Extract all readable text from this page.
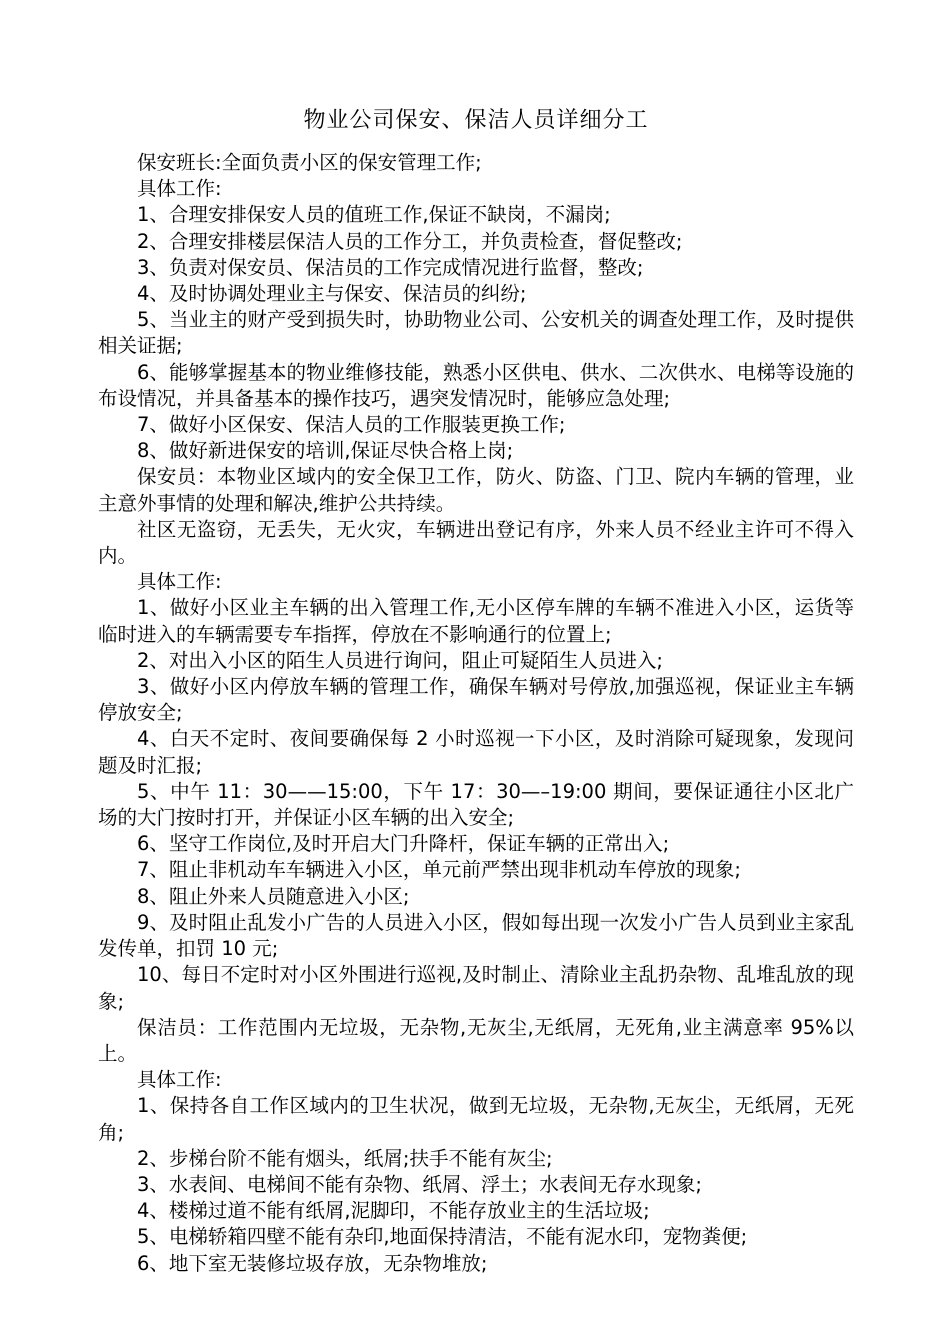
物业公司保安、保洁人员详细分工

保安班长:全面负责小区的保安管理工作;

具体工作:

1、合理安排保安人员的值班工作,保证不缺岗，不漏岗;

2、合理安排楼层保洁人员的工作分工，并负责检查，督促整改;

3、负责对保安员、保洁员的工作完成情况进行监督，整改;

4、及时协调处理业主与保安、保洁员的纠纷;

5、当业主的财产受到损失时，协助物业公司、公安机关的调查处理工作，及时提供相关证据;

6、能够掌握基本的物业维修技能，熟悉小区供电、供水、二次供水、电梯等设施的布设情况，并具备基本的操作技巧，遇突发情况时，能够应急处理;

7、做好小区保安、保洁人员的工作服装更换工作;

8、做好新进保安的培训,保证尽快合格上岗;

保安员：本物业区域内的安全保卫工作，防火、防盗、门卫、院内车辆的管理，业主意外事情的处理和解决,维护公共持续。

社区无盗窃，无丢失，无火灾，车辆进出登记有序，外来人员不经业主许可不得入内。

具体工作:

1、做好小区业主车辆的出入管理工作,无小区停车牌的车辆不准进入小区，运货等临时进入的车辆需要专车指挥，停放在不影响通行的位置上;

2、对出入小区的陌生人员进行询问，阻止可疑陌生人员进入;

3、做好小区内停放车辆的管理工作，确保车辆对号停放,加强巡视，保证业主车辆停放安全;

4、白天不定时、夜间要确保每 2 小时巡视一下小区，及时消除可疑现象，发现问题及时汇报;

5、中午 11：30——15:00，下午 17：30—–19:00 期间，要保证通往小区北广场的大门按时打开，并保证小区车辆的出入安全;

6、坚守工作岗位,及时开启大门升降杆，保证车辆的正常出入;

7、阻止非机动车车辆进入小区，单元前严禁出现非机动车停放的现象;

8、阻止外来人员随意进入小区;

9、及时阻止乱发小广告的人员进入小区，假如每出现一次发小广告人员到业主家乱发传单，扣罚 10 元;

10、每日不定时对小区外围进行巡视,及时制止、清除业主乱扔杂物、乱堆乱放的现象;

保洁员：工作范围内无垃圾，无杂物,无灰尘,无纸屑，无死角,业主满意率 95%以上。

具体工作:

1、保持各自工作区域内的卫生状况，做到无垃圾，无杂物,无灰尘，无纸屑，无死角;

2、步梯台阶不能有烟头，纸屑;扶手不能有灰尘;

3、水表间、电梯间不能有杂物、纸屑、浮土；水表间无存水现象;

4、楼梯过道不能有纸屑,泥脚印，不能存放业主的生活垃圾;

5、电梯轿箱四壁不能有杂印,地面保持清洁，不能有泥水印，宠物粪便;

6、地下室无装修垃圾存放，无杂物堆放;
